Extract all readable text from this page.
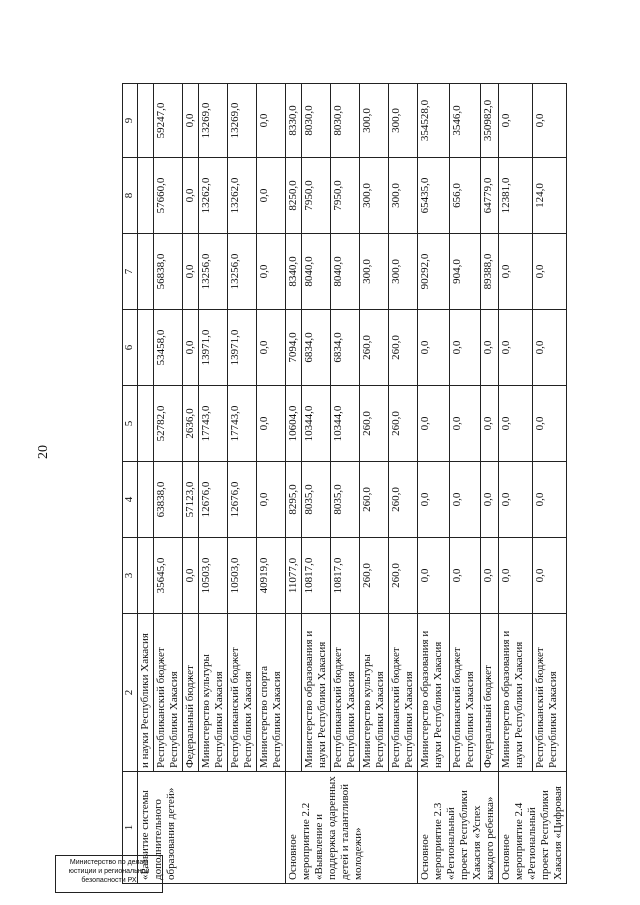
20
1	2	3	4	5	6	7	8	9
«Развитие системы дополнительного образования детей»	и науки Республики Хакасия							
	Республиканский бюджет Республики Хакасия	35645,0	63838,0	52782,0	53458,0	56838,0	57660,0	59247,0
	Федеральный бюджет	0,0	57123,0	2636,0	0,0	0,0	0,0	0,0
	Министерство культуры Республики Хакасия	10503,0	12676,0	17743,0	13971,0	13256,0	13262,0	13269,0
	Республиканский бюджет Республики Хакасия	10503,0	12676,0	17743,0	13971,0	13256,0	13262,0	13269,0
	Министерство спорта Республики Хакасия	40919,0	0,0	0,0	0,0	0,0	0,0	0,0
Основное мероприятие 2.2 «Выявление и поддержка одаренных детей и талантливой молодежи»		11077,0	8295,0	10604,0	7094,0	8340,0	8250,0	8330,0
	Министерство образования и науки Республики Хакасия	10817,0	8035,0	10344,0	6834,0	8040,0	7950,0	8030,0
	Республиканский бюджет Республики Хакасия	10817,0	8035,0	10344,0	6834,0	8040,0	7950,0	8030,0
	Министерство культуры Республики Хакасия	260,0	260,0	260,0	260,0	300,0	300,0	300,0
	Республиканский бюджет Республики Хакасия	260,0	260,0	260,0	260,0	300,0	300,0	300,0
Основное мероприятие 2.3 «Региональный проект Республики Хакасия «Успех каждого ребенка»	Министерство образования и науки Республики Хакасия	0,0	0,0	0,0	0,0	90292,0	65435,0	354528,0
	Республиканский бюджет Республики Хакасия	0,0	0,0	0,0	0,0	904,0	656,0	3546,0
	Федеральный бюджет	0,0	0,0	0,0	0,0	89388,0	64779,0	350982,0
Основное мероприятие 2.4 «Региональный проект Республики Хакасия «Цифровая	Министерство образования и науки Республики Хакасия	0,0	0,0	0,0	0,0	0,0	12381,0	0,0
	Республиканский бюджет Республики Хакасия	0,0	0,0	0,0	0,0	0,0	124,0	0,0
Министерство по делам
юстиции и региональной
безопасности РХ
